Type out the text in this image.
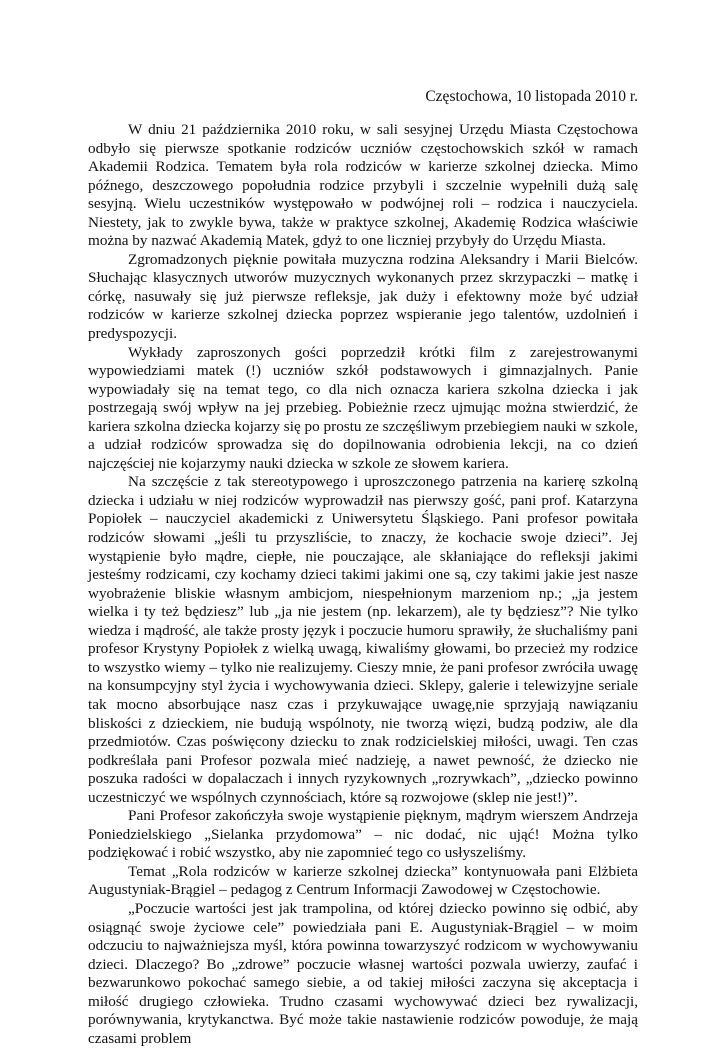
Częstochowa, 10 listopada 2010 r.

W dniu 21 października 2010 roku, w sali sesyjnej Urzędu Miasta Częstochowa odbyło się pierwsze spotkanie rodziców uczniów częstochowskich szkół w ramach Akademii Rodzica. Tematem była rola rodziców w karierze szkolnej dziecka. Mimo późnego, deszczowego popołudnia rodzice przybyli i szczelnie wypełnili dużą salę sesyjną. Wielu uczestników występowało w podwójnej roli – rodzica i nauczyciela. Niestety, jak to zwykle bywa, także w praktyce szkolnej, Akademię Rodzica właściwie można by nazwać Akademią Matek, gdyż to one liczniej przybyły do Urzędu Miasta.

Zgromadzonych pięknie powitała muzyczna rodzina Aleksandry i Marii Bielców. Słuchając klasycznych utworów muzycznych wykonanych przez skrzypaczki – matkę i córkę, nasuwały się już pierwsze refleksje, jak duży i efektowny może być udział rodziców w karierze szkolnej dziecka poprzez wspieranie jego talentów, uzdolnień i predyspozycji.

Wykłady zaproszonych gości poprzedził krótki film z zarejestrowanymi wypowiedziami matek (!) uczniów szkół podstawowych i gimnazjalnych. Panie wypowiadały się na temat tego, co dla nich oznacza kariera szkolna dziecka i jak postrzegają swój wpływ na jej przebieg. Pobieżnie rzecz ujmując można stwierdzić, że kariera szkolna dziecka kojarzy się po prostu ze szczęśliwym przebiegiem nauki w szkole, a udział rodziców sprowadza się do dopilnowania odrobienia lekcji, na co dzień najczęściej nie kojarzymy nauki dziecka w szkole ze słowem kariera.

Na szczęście z tak stereotypowego i uproszczonego patrzenia na karierę szkolną dziecka i udziału w niej rodziców wyprowadził nas pierwszy gość, pani prof. Katarzyna Popiołek – nauczyciel akademicki z Uniwersytetu Śląskiego. Pani profesor powitała rodziców słowami „jeśli tu przyszliście, to znaczy, że kochacie swoje dzieci”. Jej wystąpienie było mądre, ciepłe, nie pouczające, ale skłaniające do refleksji jakimi jesteśmy rodzicami, czy kochamy dzieci takimi jakimi one są, czy takimi jakie jest nasze wyobrażenie bliskie własnym ambicjom, niespełnionym marzeniom np.; „ja jestem wielka i ty też będziesz” lub „ja nie jestem (np. lekarzem), ale ty będziesz”? Nie tylko wiedza i mądrość, ale także prosty język i poczucie humoru sprawiły, że słuchaliśmy pani profesor Krystyny Popiołek z wielką uwagą, kiwaliśmy głowami, bo przecież my rodzice to wszystko wiemy – tylko nie realizujemy. Cieszy mnie, że pani profesor zwróciła uwagę na konsumpcyjny styl życia i wychowywania dzieci. Sklepy, galerie i telewizyjne seriale tak mocno absorbujące nasz czas i przykuwające uwagę,nie sprzyjają nawiązaniu bliskości z dzieckiem, nie budują wspólnoty, nie tworzą więzi, budzą podziw, ale dla przedmiotów. Czas poświęcony dziecku to znak rodzicielskiej miłości, uwagi. Ten czas podkreślała pani Profesor pozwala mieć nadzieję, a nawet pewność, że dziecko nie poszuka radości w dopalaczach i innych ryzykownych „rozrywkach”, „dziecko powinno uczestniczyć we wspólnych czynnościach, które są rozwojowe (sklep nie jest!)”.

Pani Profesor zakończyła swoje wystąpienie pięknym, mądrym wierszem Andrzeja Poniedzielskiego „Sielanka przydomowa” – nic dodać, nic ująć! Można tylko podziękować i robić wszystko, aby nie zapomnieć tego co usłyszeliśmy.

Temat „Rola rodziców w karierze szkolnej dziecka” kontynuowała pani Elżbieta Augustyniak-Brągiel – pedagog z Centrum Informacji Zawodowej w Częstochowie.

„Poczucie wartości jest jak trampolina, od której dziecko powinno się odbić, aby osiągnąć swoje życiowe cele” powiedziała pani E. Augustyniak-Brągiel – w moim odczuciu to najważniejsza myśl, która powinna towarzyszyć rodzicom w wychowywaniu dzieci. Dlaczego? Bo „zdrowe” poczucie własnej wartości pozwala uwierzy, zaufać i bezwarunkowo pokochać samego siebie, a od takiej miłości zaczyna się akceptacja i miłość drugiego człowieka. Trudno czasami wychowywać dzieci bez rywalizacji, porównywania, krytykanctwa. Być może takie nastawienie rodziców powoduje, że mają czasami problem
